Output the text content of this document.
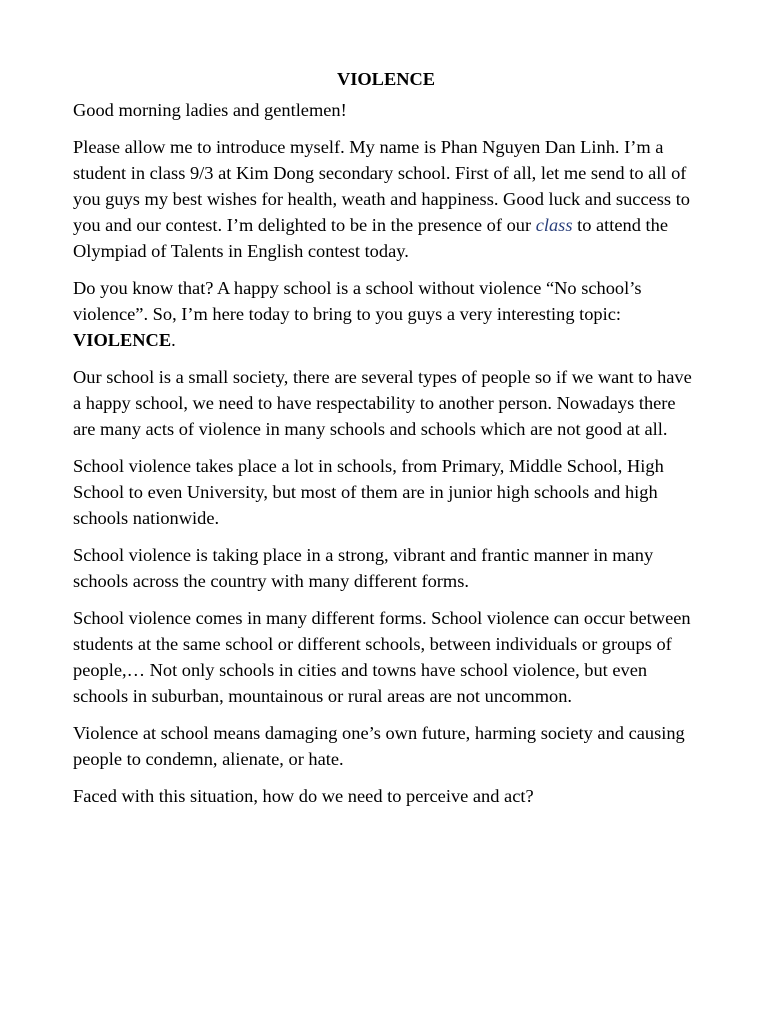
VIOLENCE

Good morning ladies and gentlemen!

Please allow me to introduce myself. My name is Phan Nguyen Dan Linh. I’m a student in class 9/3 at Kim Dong secondary school. First of all, let me send to all of you guys my best wishes for health, weath and happiness. Good luck and success to you and our contest. I’m delighted to be in the presence of our class to attend the Olympiad of Talents in English contest today.

Do you know that? A happy school is a school without violence “No school’s violence”. So, I’m here today to bring to you guys a very interesting topic: VIOLENCE.

Our school is a small society, there are several types of people so if we want to have a happy school, we need to have respectability to another person. Nowadays there are many acts of violence in many schools and schools which are not good at all.

School violence takes place a lot in schools, from Primary, Middle School, High School to even University, but most of them are in junior high schools and high schools nationwide.

School violence is taking place in a strong, vibrant and frantic manner in many schools across the country with many different forms.

School violence comes in many different forms. School violence can occur between students at the same school or different schools, between individuals or groups of people,… Not only schools in cities and towns have school violence, but even schools in suburban, mountainous or rural areas are not uncommon.

Violence at school means damaging one’s own future, harming society and causing people to condemn, alienate, or hate.

Faced with this situation, how do we need to perceive and act?
